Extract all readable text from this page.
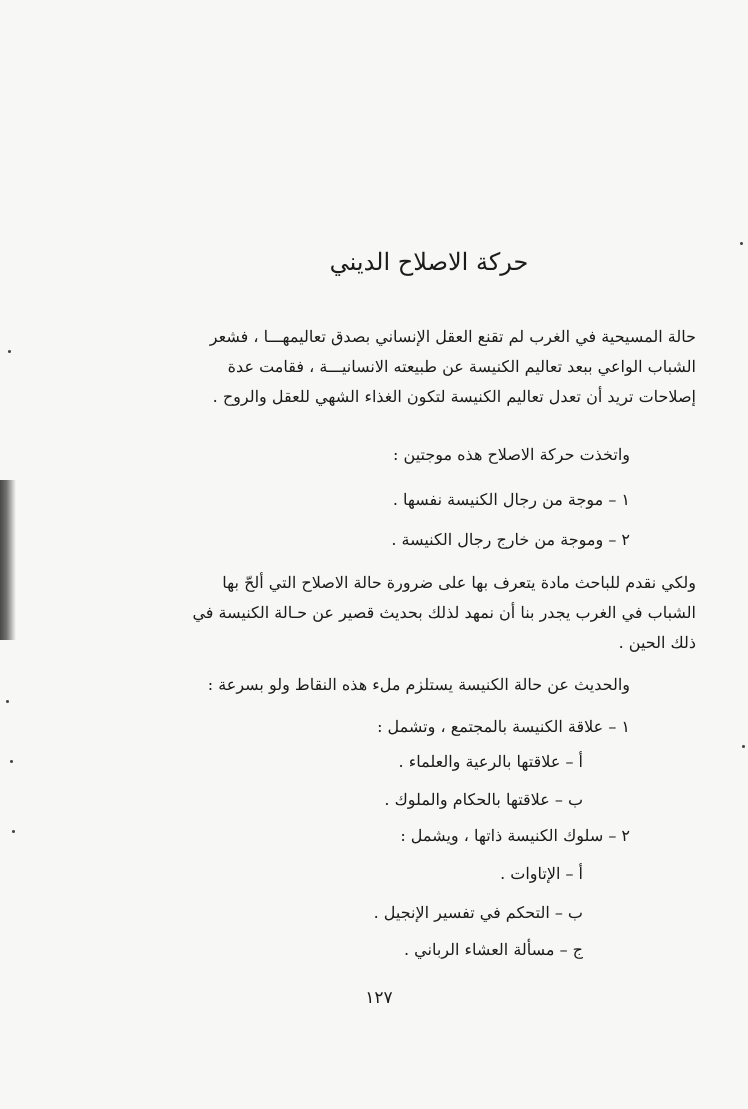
حركة الاصلاح الديني
حالة المسيحية في الغرب لم تقنع العقل الإنساني بصدق تعاليمهـــا ، فشعر
الشباب الواعي ببعد تعاليم الكنيسة عن طبيعته الانسانيـــة ، فقامت عدة
إصلاحات تريد أن تعدل تعاليم الكنيسة لتكون الغذاء الشهي للعقل والروح .
واتخذت حركة الاصلاح هذه موجتين :
١ – موجة من رجال الكنيسة نفسها .
٢ – وموجة من خارج رجال الكنيسة .
ولكي نقدم للباحث مادة يتعرف بها على ضرورة حالة الاصلاح التي ألحّ بها
الشباب في الغرب يجدر بنا أن نمهد لذلك بحديث قصير عن حـالة الكنيسة في
ذلك الحين .
والحديث عن حالة الكنيسة يستلزم ملء هذه النقاط ولو بسرعة :
١ – علاقة الكنيسة بالمجتمع ، وتشمل :
أ – علاقتها بالرعية والعلماء .
ب – علاقتها بالحكام والملوك .
٢ – سلوك الكنيسة ذاتها ، ويشمل :
أ – الإتاوات .
ب – التحكم في تفسير الإنجيل .
ج – مسألة العشاء الرباني .
١٢٧
